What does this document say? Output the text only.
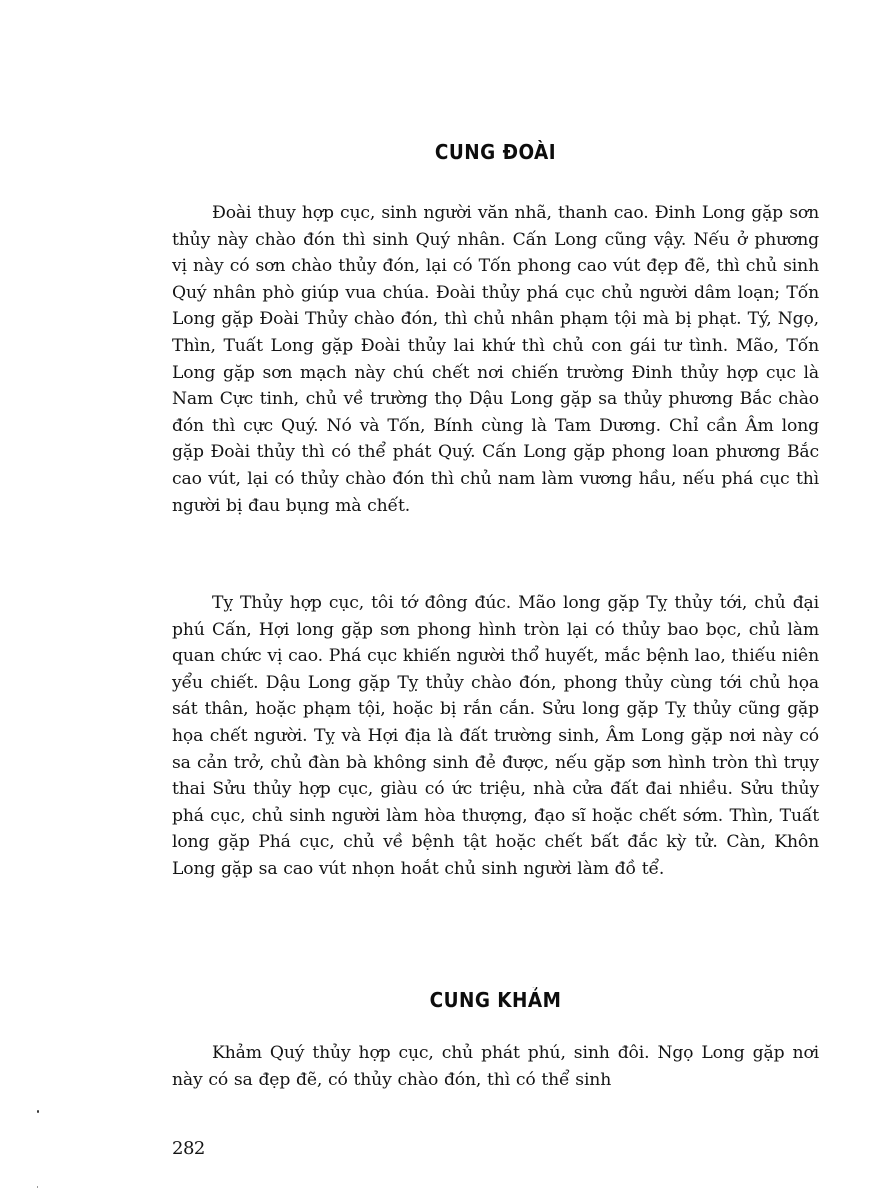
CUNG ĐOÀI

Đoài thuy hợp cục, sinh người văn nhã, thanh cao. Đinh Long gặp sơn thủy này chào đón thì sinh Quý nhân. Cấn Long cũng vậy. Nếu ở phương vị này có sơn chào thủy đón, lại có Tốn phong cao vút đẹp đẽ, thì chủ sinh Quý nhân phò giúp vua chúa. Đoài thủy phá cục chủ người dâm loạn; Tốn Long gặp Đoài Thủy chào đón, thì chủ nhân phạm tội mà bị phạt. Tý, Ngọ, Thìn, Tuất Long gặp Đoài thủy lai khứ thì chủ con gái tư tình. Mão, Tốn Long gặp sơn mạch này chú chết nơi chiến trường Đinh thủy hợp cục là Nam Cực tinh, chủ về trường thọ Dậu Long gặp sa thủy phương Bắc chào đón thì cực Quý. Nó và Tốn, Bính cùng là Tam Dương. Chỉ cần Âm long gặp Đoài thủy thì có thể phát Quý. Cấn Long gặp phong loan phương Bắc cao vút, lại có thủy chào đón thì chủ nam làm vương hầu, nếu phá cục thì người bị đau bụng mà chết.

Tỵ Thủy hợp cục, tôi tớ đông đúc. Mão long gặp Tỵ thủy tới, chủ đại phú Cấn, Hợi long gặp sơn phong hình tròn lại có thủy bao bọc, chủ làm quan chức vị cao. Phá cục khiến người thổ huyết, mắc bệnh lao, thiếu niên yểu chiết. Dậu Long gặp Tỵ thủy chào đón, phong thủy cùng tới chủ họa sát thân, hoặc phạm tội, hoặc bị rắn cắn. Sửu long gặp Tỵ thủy cũng gặp họa chết người. Tỵ và Hợi địa là đất trường sinh, Âm Long gặp nơi này có sa cản trở, chủ đàn bà không sinh đẻ được, nếu gặp sơn hình tròn thì trụy thai Sửu thủy hợp cục, giàu có ức triệu, nhà cửa đất đai nhiều. Sửu thủy phá cục, chủ sinh người làm hòa thượng, đạo sĩ hoặc chết sớm. Thìn, Tuất long gặp Phá cục, chủ về bệnh tật hoặc chết bất đắc kỳ tử. Càn, Khôn Long gặp sa cao vút nhọn hoắt chủ sinh người làm đồ tể.

CUNG KHẢM

Khảm Quý thủy hợp cục, chủ phát phú, sinh đôi. Ngọ Long gặp nơi này có sa đẹp đẽ, có thủy chào đón, thì có thể sinh

282
